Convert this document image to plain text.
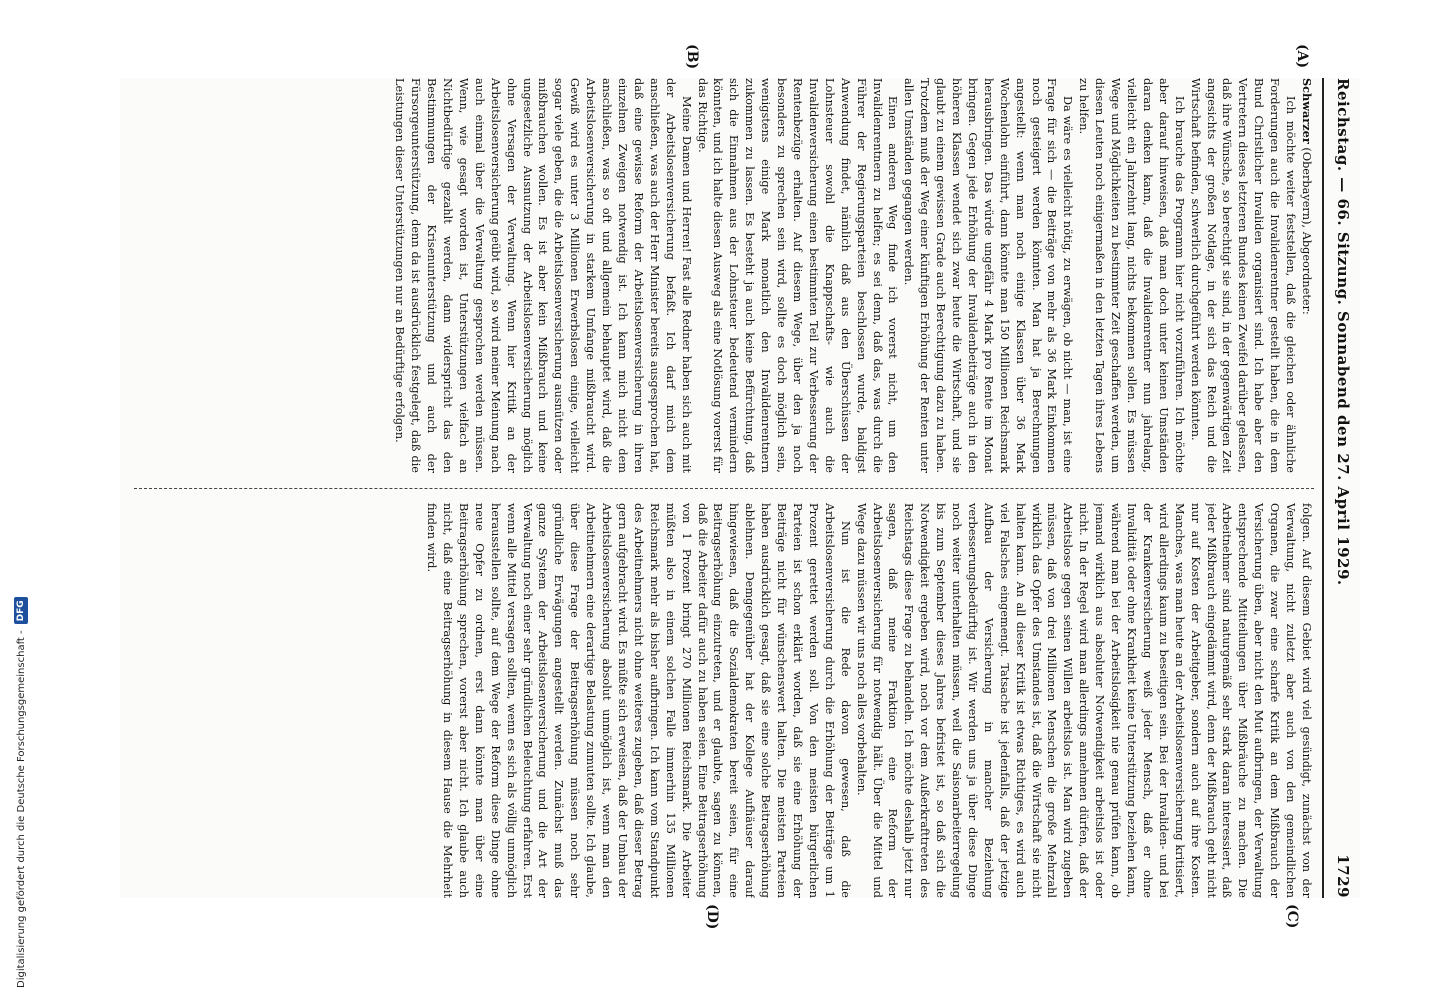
Reichstag. — 66. Sitzung. Sonnabend den 27. April 1929.
1729
(A)
(B)
(C)
(D)

Schwarzer (Oberbayern), Abgeordneter:

Ich möchte weiter feststellen, daß die gleichen oder ähnliche Forderungen auch die Invalidenrentner gestellt haben, die in dem Bund Christlicher Invaliden organisiert sind. Ich habe aber den Vertretern dieses letzteren Bundes keinen Zweifel darüber gelassen, daß ihre Wünsche, so berechtigt sie sind, in der gegenwärtigen Zeit angesichts der großen Notlage, in der sich das Reich und die Wirtschaft befinden, schwerlich durchgeführt werden könnten.

Ich brauche das Programm hier nicht vorzuführen. Ich möchte aber darauf hinweisen, daß man doch unter keinen Umständen daran denken kann, daß die Invalidenrentner nun jahrelang, vielleicht ein Jahrzehnt lang, nichts bekommen sollen. Es müssen Wege und Möglichkeiten zu bestimmter Zeit geschaffen werden, um diesen Leuten noch einigermaßen in den letzten Tagen ihres Lebens zu helfen.

Da wäre es vielleicht nötig, zu erwägen, ob nicht — man, ist eine Frage für sich — die Beiträge von mehr als 36 Mark Einkommen noch gesteigert werden könnten. Man hat ja Berechnungen angestellt: wenn man noch einige Klassen über 36 Mark Wochenlohn einführt, dann könnte man 150 Millionen Reichsmark herausbringen. Das würde ungefähr 4 Mark pro Rente im Monat bringen. Gegen jede Erhöhung der Invalidenbeiträge auch in den höheren Klassen wendet sich zwar heute die Wirtschaft, und sie glaubt zu einem gewissen Grade auch Berechtigung dazu zu haben. Trotzdem muß der Weg einer künftigen Erhöhung der Renten unter allen Umständen gegangen werden.

Einen anderen Weg finde ich vorerst nicht, um den Invalidenrentnern zu helfen; es sei denn, daß das, was durch die Führer der Regierungsparteien beschlossen wurde, baldigst Anwendung findet, nämlich daß aus den Überschüssen der Lohnsteuer sowohl die Knappschafts- wie auch die Invalidenversicherung einen bestimmten Teil zur Verbesserung der Rentenbezüge erhalten. Auf diesem Wege, über den ja noch besonders zu sprechen sein wird, sollte es doch möglich sein, wenigstens einige Mark monatlich den Invalidenrentnern zukommen zu lassen. Es besteht ja auch keine Befürchtung, daß sich die Einnahmen aus der Lohnsteuer bedeutend vermindern könnten, und ich halte diesen Ausweg als eine Notlösung vorerst für das Richtige.

Meine Damen und Herren! Fast alle Redner haben sich auch mit der Arbeitslosenversicherung befaßt. Ich darf mich dem anschließen, was auch der Herr Minister bereits ausgesprochen hat, daß eine gewisse Reform der Arbeitslosenversicherung in ihren einzelnen Zweigen notwendig ist. Ich kann mich nicht dem anschließen, was so oft und allgemein behauptet wird, daß die Arbeitslosenversicherung in starkem Umfange mißbraucht wird. Gewiß wird es unter 3 Millionen Erwerbslosen einige, vielleicht sogar viele geben, die die Arbeitslosenversicherung ausnützen oder mißbrauchen wollen. Es ist aber kein Mißbrauch und keine ungesetzliche Ausnutzung der Arbeitslosenversicherung möglich ohne Versagen der Verwaltung. Wenn hier Kritik an der Arbeitslosenversicherung geübt wird, so wird meiner Meinung nach auch einmal über die Verwaltung gesprochen werden müssen. Wenn, wie gesagt worden ist, Unterstützungen vielfach an Nichtbedürftige gezahlt werden, dann widerspricht das den Bestimmungen der Krisenunterstützung und auch der Fürsorgeunterstützung, denn da ist ausdrücklich festgelegt, daß die Leistungen dieser Unterstützungen nur an Bedürftige erfolgen.

folgen. Auf diesem Gebiet wird viel gesündigt, zunächst von der Verwaltung, nicht zuletzt aber auch von den gemeindlichen Organen, die zwar eine scharfe Kritik an dem Mißbrauch der Versicherung üben, aber nicht den Mut aufbringen, der Verwaltung entsprechende Mitteilungen über Mißbräuche zu machen. Die Arbeitnehmer sind naturgemäß sehr stark daran interessiert, daß jeder Mißbrauch eingedämmt wird, denn der Mißbrauch geht nicht nur auf Kosten der Arbeitgeber, sondern auch auf ihre Kosten. Manches, was man heute an der Arbeitslosenversicherung kritisiert, wird allerdings kaum zu beseitigen sein. Bei der Invaliden- und bei der Krankenversicherung weiß jeder Mensch, daß er ohne Invalidität oder ohne Krankheit keine Unterstützung beziehen kann, während man bei der Arbeitslosigkeit nie genau prüfen kann, ob jemand wirklich aus absoluter Notwendigkeit arbeitslos ist oder nicht. In der Regel wird man allerdings annehmen dürfen, daß der Arbeitslose gegen seinen Willen arbeitslos ist. Man wird zugeben müssen, daß von drei Millionen Menschen die große Mehrzahl wirklich das Opfer des Umstandes ist, daß die Wirtschaft sie nicht halten kann. An all dieser Kritik ist etwas Richtiges, es wird auch viel Falsches eingemengt. Tatsache ist jedenfalls, daß der jetzige Aufbau der Versicherung in mancher Beziehung verbesserungsbedürftig ist. Wir werden uns ja über diese Dinge noch weiter unterhalten müssen, weil die Saisonarbeiterregelung bis zum September dieses Jahres befristet ist, so daß sich die Notwendigkeit ergeben wird, noch vor dem Außerkrafttreten des Reichstags diese Frage zu behandeln. Ich möchte deshalb jetzt nur sagen, daß meine Fraktion eine Reform der Arbeitslosenversicherung für notwendig hält. Über die Mittel und Wege dazu müssen wir uns noch alles vorbehalten.

Nun ist die Rede davon gewesen, daß die Arbeitslosenversicherung durch die Erhöhung der Beiträge um 1 Prozent gerettet werden soll. Von den meisten bürgerlichen Parteien ist schon erklärt worden, daß sie eine Erhöhung der Beiträge nicht für wünschenswert halten. Die meisten Parteien haben ausdrücklich gesagt, daß sie eine solche Beitragserhöhung ablehnen. Demgegenüber hat der Kollege Aufhäuser darauf hingewiesen, daß die Sozialdemokraten bereit seien, für eine Beitragserhöhung einzutreten, und er glaubte, sagen zu können, daß die Arbeiter dafür auch zu haben seien. Eine Beitragserhöhung von 1 Prozent bringt 270 Millionen Reichsmark. Die Arbeiter müßten also in einem solchen Falle immerhin 135 Millionen Reichsmark mehr als bisher aufbringen. Ich kann vom Standpunkt des Arbeitnehmers nicht ohne weiteres zugeben, daß dieser Betrag gern aufgebracht wird. Es müßte sich erweisen, daß der Umbau der Arbeitslosenversicherung absolut unmöglich ist, wenn man den Arbeitnehmern eine derartige Belastung zumuten sollte. Ich glaube, über diese Frage der Beitragserhöhung müssen noch sehr gründliche Erwägungen angestellt werden. Zunächst muß das ganze System der Arbeitslosenversicherung und die Art der Verwaltung noch einer sehr gründlichen Beleuchtung erfahren. Erst wenn alle Mittel versagen sollten, wenn es sich als völlig unmöglich herausstellen sollte, auf dem Wege der Reform diese Dinge ohne neue Opfer zu ordnen, erst dann könnte man über eine Beitragserhöhung sprechen, vorerst aber nicht. Ich glaube auch nicht, daß eine Beitragserhöhung in diesem Hause die Mehrheit finden wird.

Digitalisierung gefördert durch die Deutsche Forschungsgemeinschaft -
DFG
